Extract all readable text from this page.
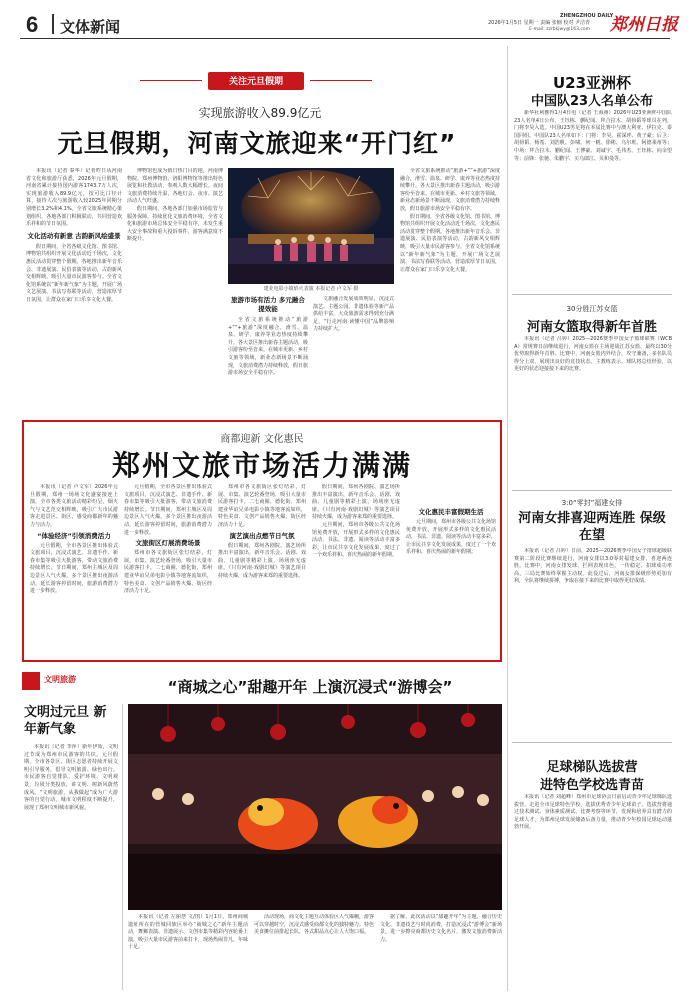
6 文体新闻	2026年1月5日 星期一 责编 张楠 校对 尹洁青
E-mail: zzrbkjwy@163.com
ZHENGZHOU DAILY
郑州日报
关注元旦假期
实现旅游收入89.9亿元
元旦假期，河南文旅迎来“开门红”

本报讯（记者 秦华）记者昨日从河南省文化和旅游厅获悉，2026年元旦假期，河南省累计接待国内游客1743.7万人次，实现旅游收入89.9亿元，按可比口径计算，接待人次与旅游收入较2025年同期分别增长3.2%和4.1%。全省文旅系统精心策划组织，各地各部门积极联动，共同营造欢乐祥和的节日氛围。

文化活动有新意 古韵新风绘盛景

假日期间，全省各级文化馆、图书馆、博物馆共组织开展文化活动近千场次，文化惠民活动贯穿整个假期。各地推出新年音乐会、非遗展演、民俗表演等活动，古韵新风交相辉映，吸引大量市民游客参与。全省文化馆系统以“新年新气象”为主题，开展广场文艺展演、书法写春联等活动，营造浓厚节日氛围，让群众在家门口乐享文化大餐。

博物馆也成为假日热门目的地，河南博物院、郑州博物馆、洛阳博物馆等推出特色展览和社教活动，参观人数大幅增长。夜间文旅消费持续升温，各地灯会、夜市、演艺活动人气旺盛。

假日期间，各地各部门加强市场监管与服务保障，持续优化文旅消费环境，全省文化和旅游市场总体安全平稳有序，未发生重大安全事故和重大投诉事件，游客满意度不断提升。

建业电影小镇焰火表演 本报记者 卢文军 摄
旅游市场有活力 多元融合提效能

全省文旅系统推动“旅游+”“+旅游”深度融合，滑雪、温泉、研学、康养等业态热度持续攀升。各大景区推出新春主题活动，吸引游客纷至沓来。在城市更新、乡村文旅等领域，新业态新场景不断涌现，文旅消费潜力持续释放，假日旅游市场安全平稳有序。

文旅融合发展成效明显，沉浸式演艺、主题公园、非遗体验等新产品供给丰富，大众旅游需求得到充分满足，“行走河南·读懂中国”品牌影响力持续扩大。

全省文旅系统推动“旅游+”“+旅游”深度融合，滑雪、温泉、研学、康养等业态热度持续攀升。各大景区推出新春主题活动，吸引游客纷至沓来。在城市更新、乡村文旅等领域，新业态新场景不断涌现，文旅消费潜力持续释放，假日旅游市场安全平稳有序。

假日期间，全省各级文化馆、图书馆、博物馆共组织开展文化活动近千场次，文化惠民活动贯穿整个假期。各地推出新年音乐会、非遗展演、民俗表演等活动，古韵新风交相辉映，吸引大量市民游客参与。全省文化馆系统以“新年新气象”为主题，开展广场文艺展演、书法写春联等活动，营造浓厚节日氛围，让群众在家门口乐享文化大餐。

商都迎新 文化惠民
郑州文旅市场活力满满

本报讯（记者 卢文军）2026年元旦假期，郑州一场场文化盛宴接连上演，全市各类文旅活动精彩纷呈，烟火气与文艺范交相辉映，吸引广大市民游客走进景区、街区，感受商都新年的魅力与活力。

“体验经济”引领消费活力

元旦假期，全市各景区推出体验式文旅项目，沉浸式演艺、非遗手作、新春市集等吸引大批游客，带动文旅消费持续增长。节日期间，郑州主城区及周边景区人气火爆，多个景区推出夜游活动，延长游客停留时间，旅游消费潜力进一步释放。

元旦假期，全市各景区推出体验式文旅项目，沉浸式演艺、非遗手作、新春市集等吸引大批游客，带动文旅消费持续增长。节日期间，郑州主城区及周边景区人气火爆，多个景区推出夜游活动，延长游客停留时间，旅游消费潜力进一步释放。

文旅街区灯展消费场景

郑州市各文旅街区张灯结彩，灯展、市集、演艺轮番登场，吸引大量市民游客打卡。二七商圈、德化街、郑州建业华谊兄弟电影小镇等地客流如织，特色美食、文创产品销售火爆，街区经济活力十足。

郑州市各文旅街区张灯结彩，灯展、市集、演艺轮番登场，吸引大量市民游客打卡。二七商圈、德化街、郑州建业华谊兄弟电影小镇等地客流如织，特色美食、文创产品销售火爆，街区经济活力十足。

演艺演出点燃节日气氛

假日期间，郑州各剧院、演艺场所推出丰富演出，新年音乐会、话剧、戏曲、儿童剧等精彩上演，场场座无虚席。《只有河南·戏剧幻城》等演艺项目持续火爆，成为游客来郑的重要选择。

假日期间，郑州各剧院、演艺场所推出丰富演出，新年音乐会、话剧、戏曲、儿童剧等精彩上演，场场座无虚席。《只有河南·戏剧幻城》等演艺项目持续火爆，成为游客来郑的重要选择。

元旦期间，郑州市各级公共文化场馆免费开放，开展形式多样的文化惠民活动，书法、非遗、阅读等活动丰富多彩，让市民共享文化发展成果，度过了一个欢乐祥和、喜庆热闹的新年假期。

文化惠民丰富假期生活

元旦期间，郑州市各级公共文化场馆免费开放，开展形式多样的文化惠民活动，书法、非遗、阅读等活动丰富多彩，让市民共享文化发展成果，度过了一个欢乐祥和、喜庆热闹的新年假期。

文明旅游	“商城之心”甜趣开年 上演沉浸式“游博会”
文明过元旦 新年新气象
本报讯（记者 李萍）新年伊始，文明过节成为郑州市民游客的共识。元旦假期，全市各景区、街区志愿者持续开展文明引导服务，倡导文明旅游、绿色出行。市民游客自觉排队、爱护环境、文明观景，垃圾分类投放，讲文明、树新风蔚然成风。“文明旅游，从我做起”成为广大游客的自觉行动，城市文明程度不断提升，展现了郑州文明城市新风貌。

本报讯（记者 左丽慧 文/图）1月1日，郑州商城遗址所在的管城回族区举办“商城之心”新年主题活动，舞狮表演、非遗展示、文创市集等精彩内容轮番上演，吸引大量市民游客前来打卡，现场热闹非凡，年味十足。

活动现场，商文化主题互动体验区人气爆棚，游客可以穿越时空，沉浸式感受商都文化的独特魅力。特色美食摊位前排起长队，各式甜品点心让人大饱口福。

据了解，此次活动以“甜趣开年”为主题，融合历史文化、非遗技艺与时尚消费，打造沉浸式“游博会”新场景，进一步擦亮商都历史文化名片，激发文旅消费新活力。

U23亚洲杯
中国队23人名单公布
新华社利雅得1月4日电（记者 王海洲）2026年U23亚洲杯中国队23人名单4日公布，王钰栋、蒯纪闻、拜合拉木、胡荷韬等球员在列，门将李昊入选。中国U23男足将在本届比赛中与澳大利亚、伊拉克、泰国同组。中国队23人名单如下：门将：李昊、霍深坪、黄子豪；后卫：胡荷韬、杨希、刘浩帆、彭啸、何一帆、徐彬、乌尔班、阿德莱蒂等；中场：拜合拉木、蒯纪闻、王博豪、刘诚宇、毛伟杰、王钰栋、向余望等；前锋：张驰、朱鹏宇、买乌郎江、贝和曼等。
30分胜江苏女篮
河南女篮取得新年首胜
本报讯（记者 吕婷）2025—2026赛季中国女子篮球联赛（WCBA）常规赛日前继续进行，河南女篮在主场迎战江苏女篮，最终以30分优势取得新年首胜。比赛中，河南女篮内外结合，攻守兼备，多名队员得分上双，展现出良好的竞技状态。主教练表示，球队将总结经验，以更好的状态迎接接下来的比赛。
3:0“零封”福建女排
河南女排喜迎两连胜 保级在望
本报讯（记者 吕婷）日前，2025—2026赛季中国女子排球超级联赛第二阶段比赛继续进行，河南女排以3:0零封福建女排，喜迎两连胜。比赛中，河南女排发球、拦网表现出色，一传稳定，扣球成功率高，三局比赛始终掌握主动权。此役过后，河南女排保级形势更加有利，全队将继续拼搏，争取在接下来的比赛中取得更好成绩。
足球梯队选拔营
进特色学校选青苗
本报讯（记者 刘超峰）郑州市足球协会日前启动青少年足球梯队选拔营，走进全市足球特色学校，选拔优秀青少年足球苗子。选拔营将通过技术测试、身体素质测试、比赛考察等环节，发现和培养具有潜力的足球人才，为郑州足球发展储备后备力量，推动青少年校园足球运动蓬勃开展。
